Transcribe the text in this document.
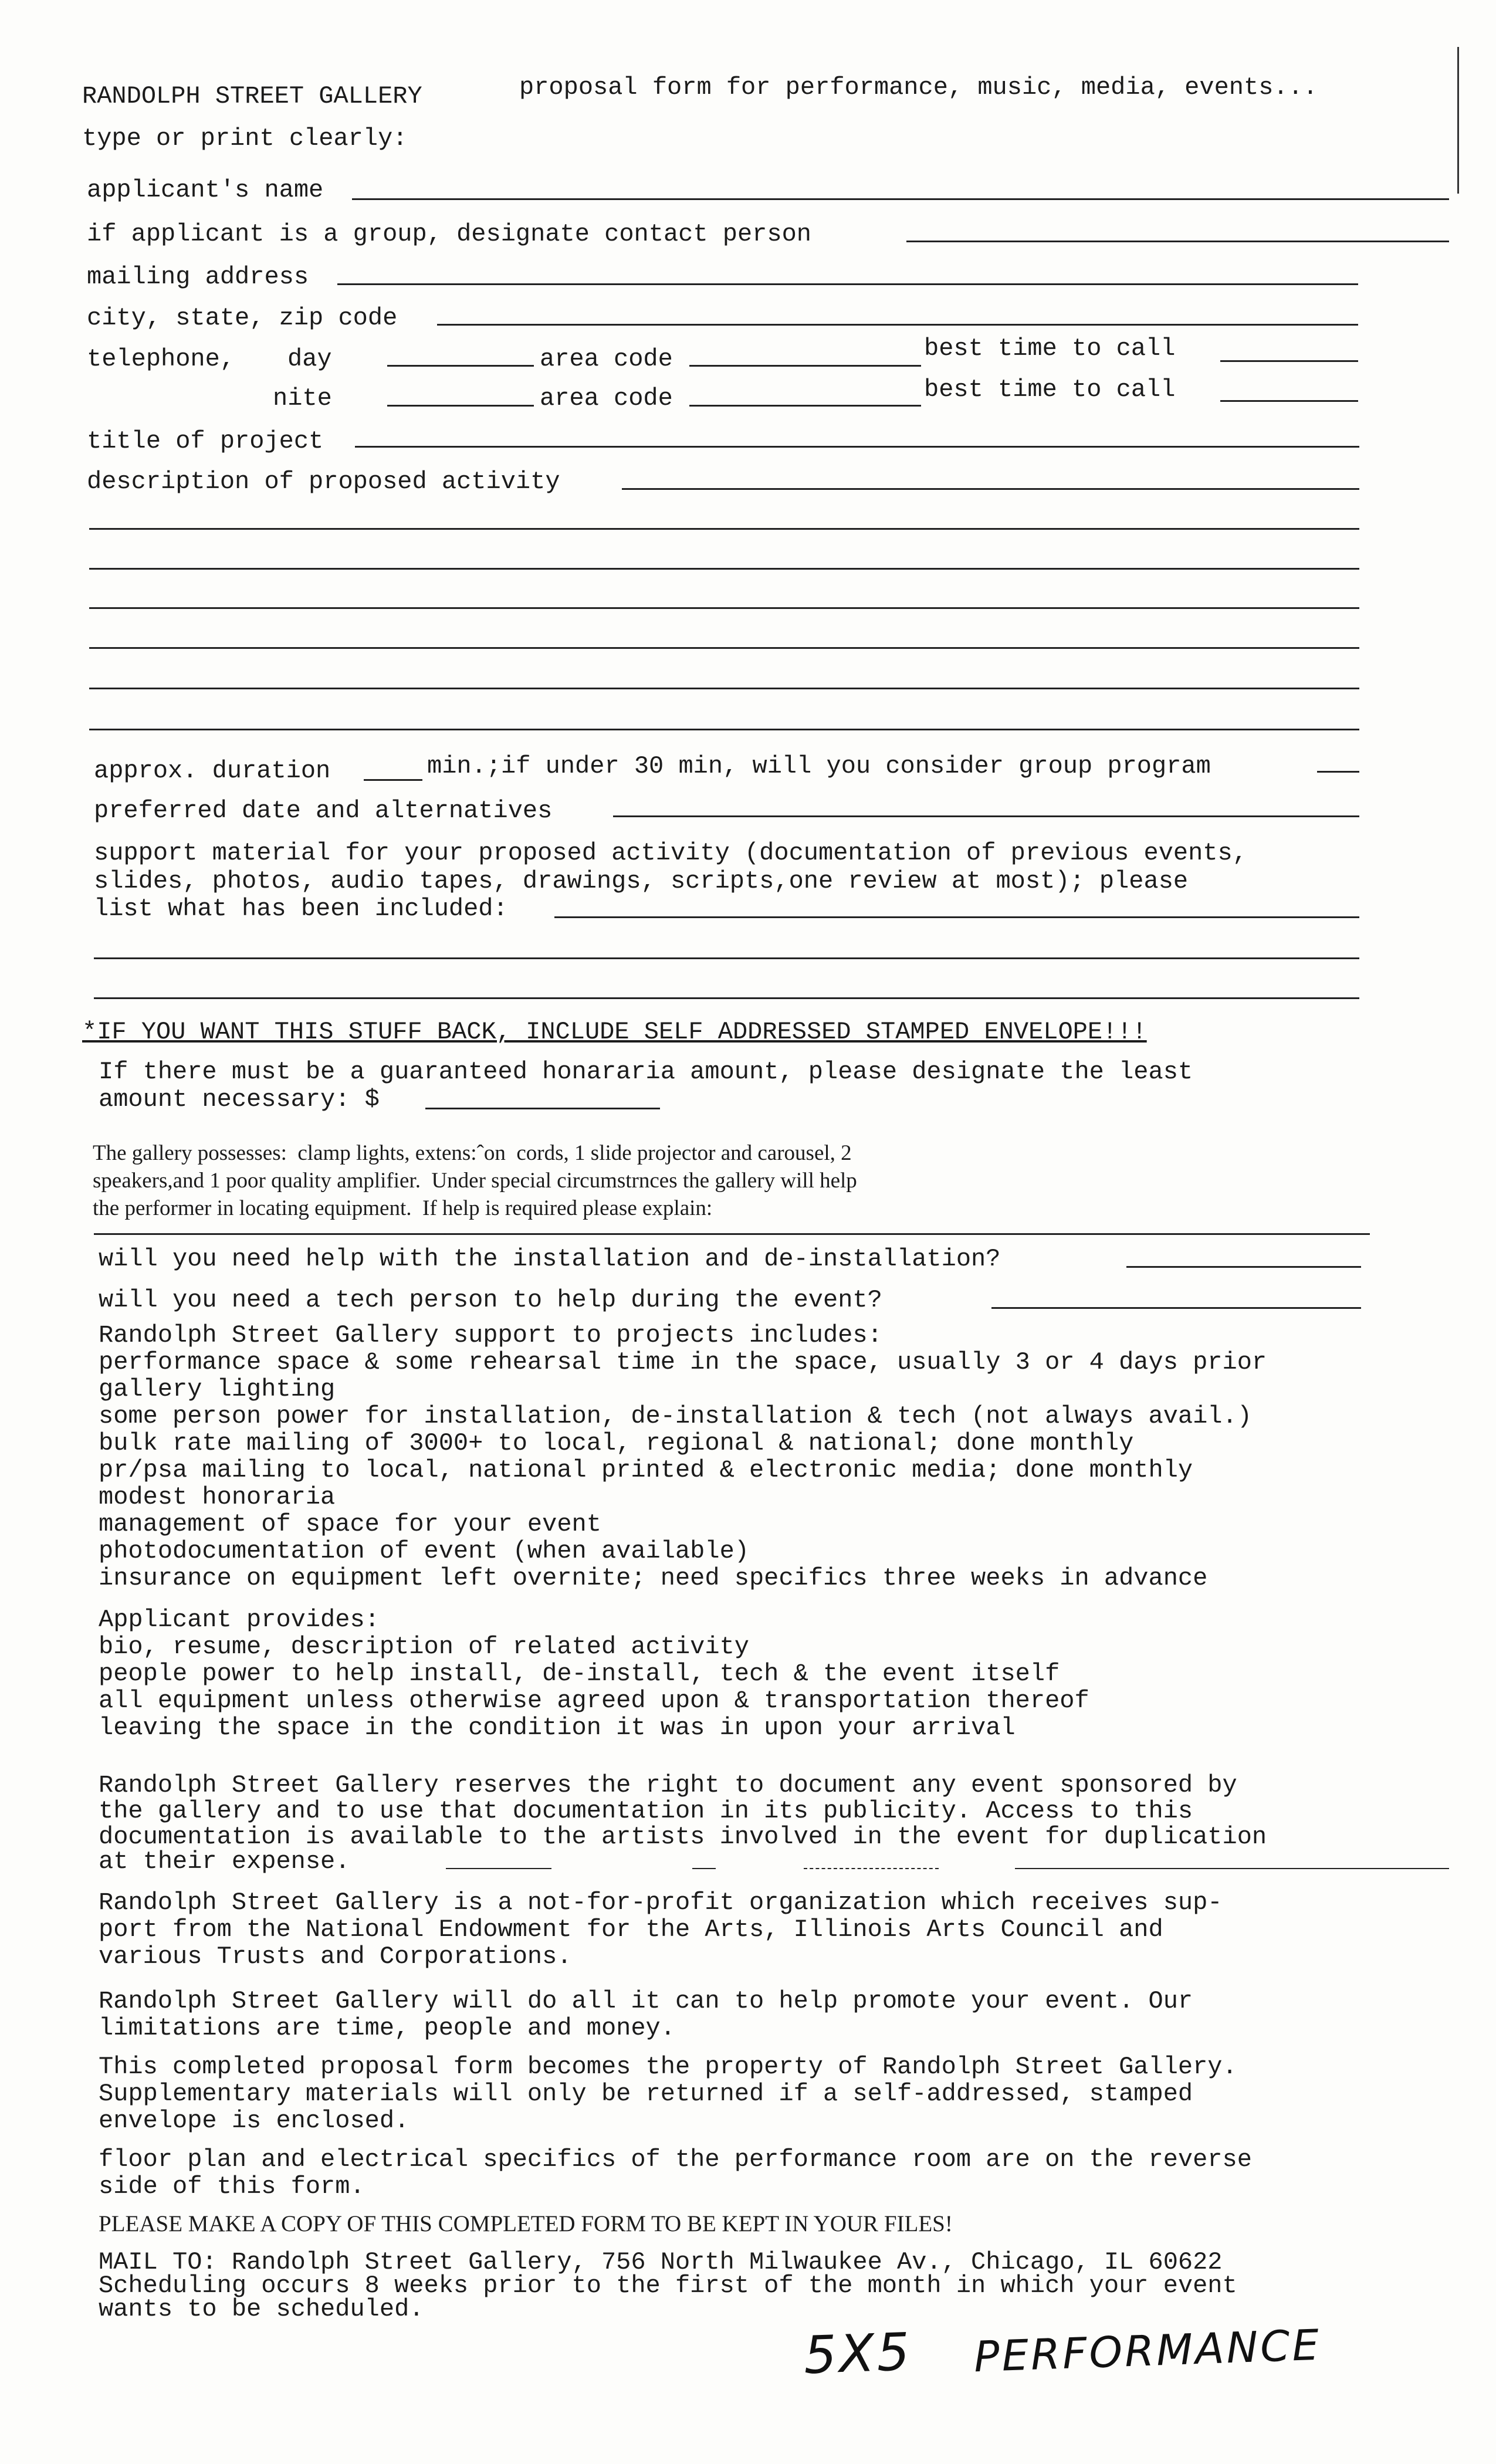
RANDOLPH STREET GALLERY	proposal form for performance, music, media, events...
type or print clearly:
applicant's name
if applicant is a group, designate contact person
mailing address
city, state, zip code
telephone, day	area code	best time to call
nite	area code	best time to call
title of project
description of proposed activity
approx. duration	min.;if under 30 min, will you consider group program
preferred date and alternatives
support material for your proposed activity (documentation of previous events,
slides, photos, audio tapes, drawings, scripts,one review at most); please
list what has been included:
*IF YOU WANT THIS STUFF BACK, INCLUDE SELF ADDRESSED STAMPED ENVELOPE!!!
If there must be a guaranteed honararia amount, please designate the least
amount necessary: $
The gallery possesses:  clamp lights, extens:ˆon  cords, 1 slide projector and carousel, 2
speakers,and 1 poor quality amplifier.  Under special circumstrnces the gallery will help
the performer in locating equipment.  If help is required please explain:
will you need help with the installation and de-installation?
will you need a tech person to help during the event?
Randolph Street Gallery support to projects includes:
performance space & some rehearsal time in the space, usually 3 or 4 days prior
gallery lighting
some person power for installation, de-installation & tech (not always avail.)
bulk rate mailing of 3000+ to local, regional & national; done monthly
pr/psa mailing to local, national printed & electronic media; done monthly
modest honoraria
management of space for your event
photodocumentation of event (when available)
insurance on equipment left overnite; need specifics three weeks in advance
Applicant provides:
bio, resume, description of related activity
people power to help install, de-install, tech & the event itself
all equipment unless otherwise agreed upon & transportation thereof
leaving the space in the condition it was in upon your arrival
Randolph Street Gallery reserves the right to document any event sponsored by
the gallery and to use that documentation in its publicity. Access to this
documentation is available to the artists involved in the event for duplication
at their expense.
Randolph Street Gallery is a not-for-profit organization which receives sup-
port from the National Endowment for the Arts, Illinois Arts Council and
various Trusts and Corporations.
Randolph Street Gallery will do all it can to help promote your event. Our
limitations are time, people and money.
This completed proposal form becomes the property of Randolph Street Gallery.
Supplementary materials will only be returned if a self-addressed, stamped
envelope is enclosed.
floor plan and electrical specifics of the performance room are on the reverse
side of this form.
PLEASE MAKE A COPY OF THIS COMPLETED FORM TO BE KEPT IN YOUR FILES!
MAIL TO: Randolph Street Gallery, 756 North Milwaukee Av., Chicago, IL 60622
Scheduling occurs 8 weeks prior to the first of the month in which your event
wants to be scheduled.
5X5 PERFORMANCE
